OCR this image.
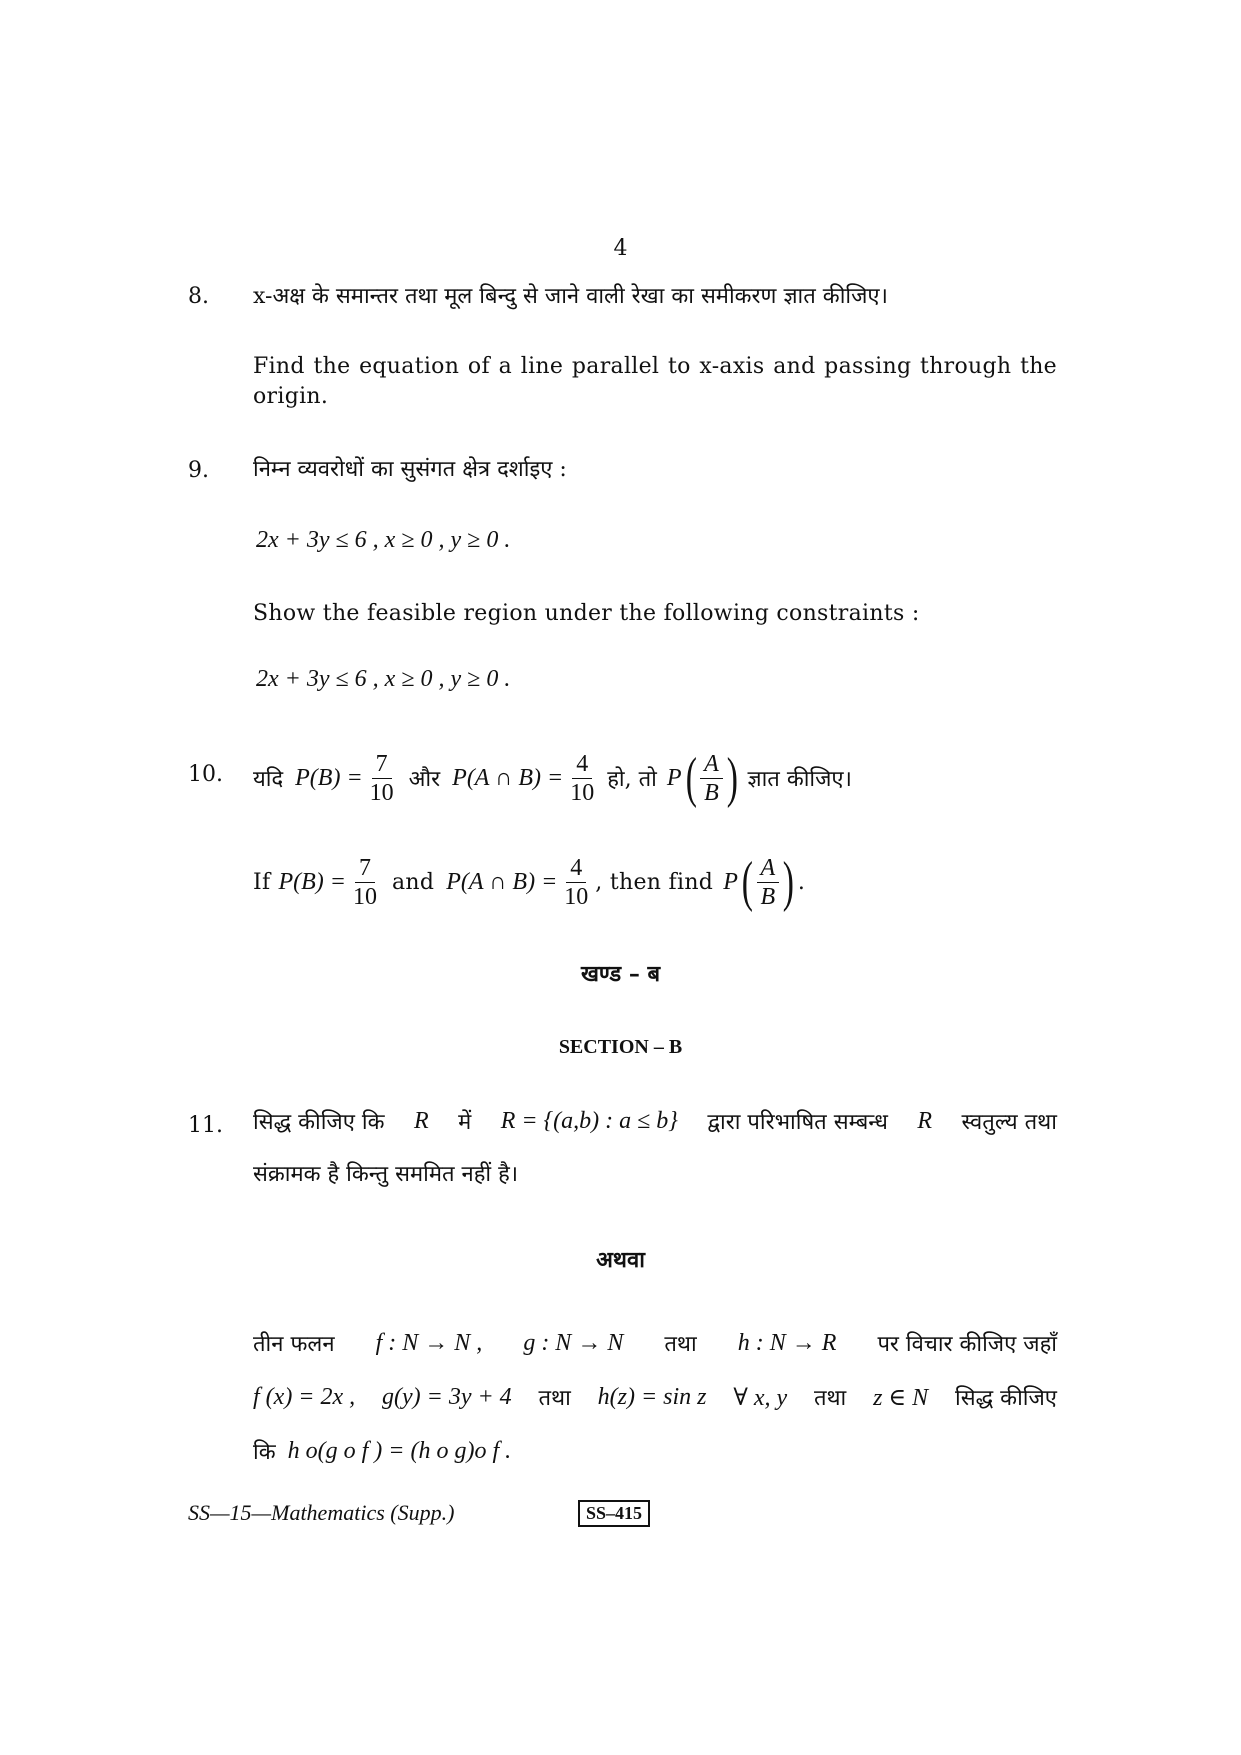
4
8. x-अक्ष के समान्तर तथा मूल बिन्दु से जाने वाली रेखा का समीकरण ज्ञात कीजिए।
Find the equation of a line parallel to x-axis and passing through the
origin.
9. निम्न व्यवरोधों का सुसंगत क्षेत्र दर्शाइए :
2x + 3y ≤ 6 , x ≥ 0 , y ≥ 0 .
Show the feasible region under the following constraints :
2x + 3y ≤ 6 , x ≥ 0 , y ≥ 0 .
10. यदि $P(B) = \frac{7}{10}$ और P(A ∩ $B) = \frac{4}{10}$ हो, तो P ( $\frac{A}{B}$ ) ज्ञात कीजिए।
If $P(B) = \frac{7}{10}$ and P(A ∩ $B) = \frac{4}{10}$ , then find P ( $\frac{A}{B}$ ) .
खण्ड – ब
SECTION – B
11. सिद्ध कीजिए कि R में R = {(a,b) : a ≤ b} द्वारा परिभाषित सम्बन्ध R स्वतुल्य तथा
संक्रामक है किन्तु सममित नहीं है।
अथवा
तीन फलन f : N → N , g : N → N तथा h : N → R पर विचार कीजिए जहाँ
f (x) = 2x , g(y) = 3y + 4 तथा h(z) = sin z ∀ x, y तथा z ∈ N सिद्ध कीजिए
कि h o(g o f ) = (h o g)o f .
SS—15—Mathematics (Supp.)	SS–415
